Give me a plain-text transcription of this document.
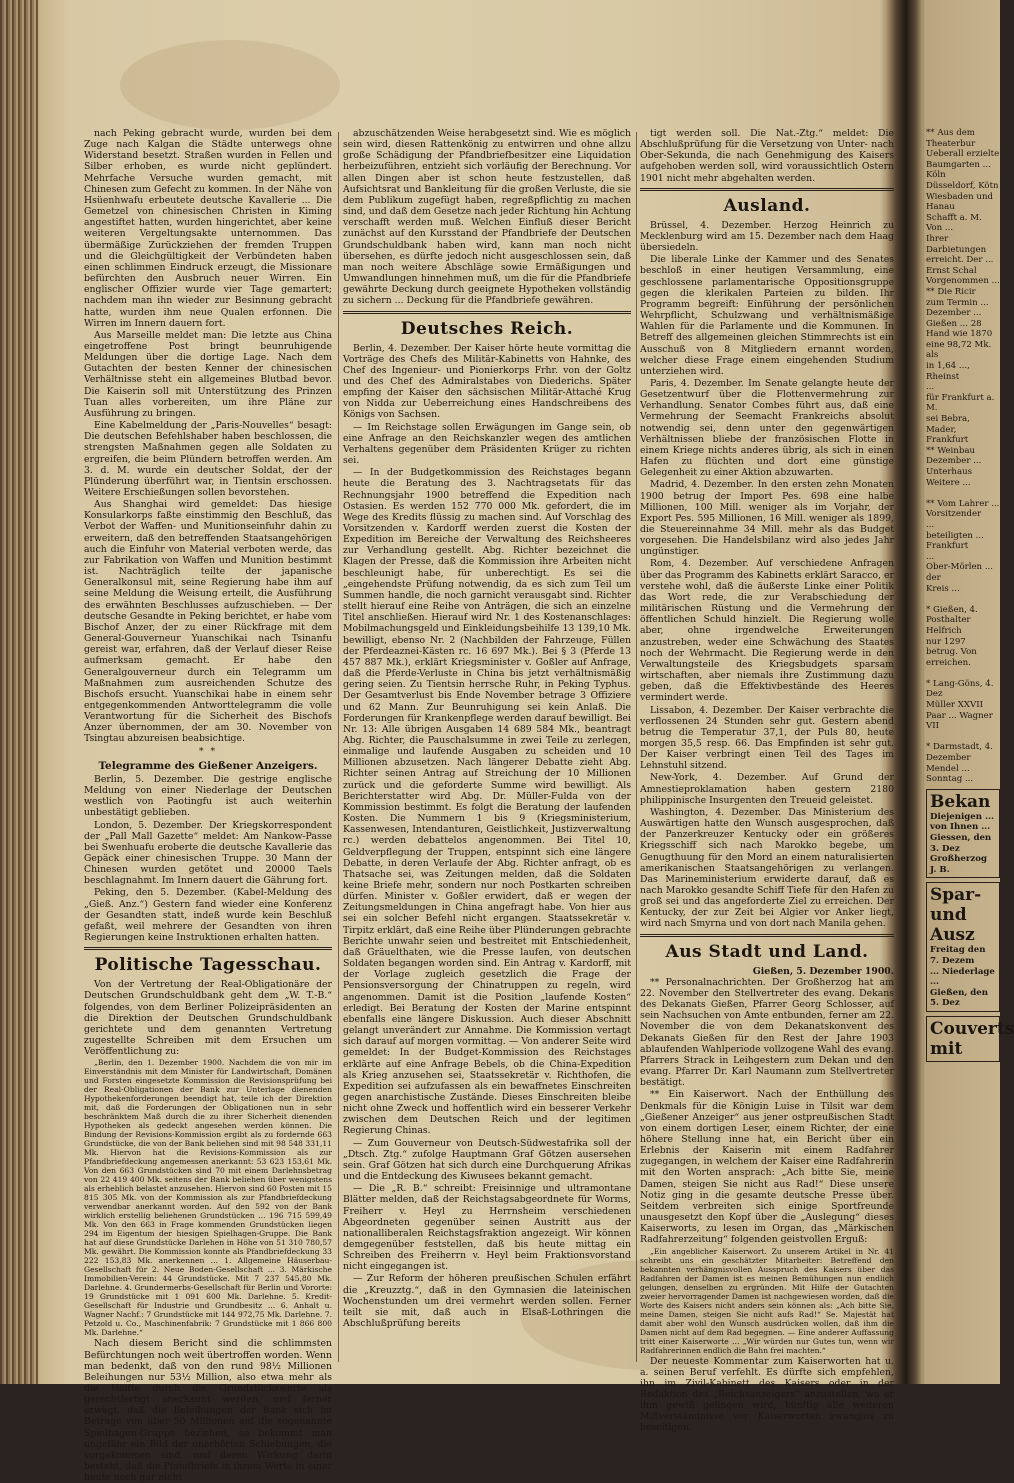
nach Peking gebracht wurde, wurden bei dem Zuge nach Kalgan die Städte unterwegs ohne Widerstand besetzt. Straßen wurden in Fellen und Silber erhoben, es wurde nicht geplündert. Mehrfache Versuche wurden gemacht, mit Chinesen zum Gefecht zu kommen. In der Nähe von Hsüenhwafu erbeutete deutsche Kavallerie ... Die Gemetzel von chinesischen Christen in Kiming angestiftet hatten, wurden hingerichtet, aber keine weiteren Vergeltungsakte unternommen. Das übermäßige Zurückziehen der fremden Truppen und die Gleichgültigkeit der Verbündeten haben einen schlimmen Eindruck erzeugt, die Missionare befürchten den Ausbruch neuer Wirren. Ein englischer Offizier wurde vier Tage gemartert; nachdem man ihn wieder zur Besinnung gebracht hatte, wurden ihm neue Qualen erfonnen. Die Wirren im Innern dauern fort.

Aus Marseille meldet man: Die letzte aus China eingetroffene Post bringt beunruhigende Meldungen über die dortige Lage. Nach dem Gutachten der besten Kenner der chinesischen Verhältnisse steht ein allgemeines Blutbad bevor. Die Kaiserin soll mit Unterstützung des Prinzen Tuan alles vorbereiten, um ihre Pläne zur Ausführung zu bringen.

Eine Kabelmeldung der „Paris-Nouvelles“ besagt: Die deutschen Befehlshaber haben beschlossen, die strengsten Maßnahmen gegen alle Soldaten zu ergreifen, die beim Plündern betroffen werden. Am 3. d. M. wurde ein deutscher Soldat, der der Plünderung überführt war, in Tientsin erschossen. Weitere Erschießungen sollen bevorstehen.

Aus Shanghai wird gemeldet: Das hiesige Konsularkorps faßte einstimmig den Beschluß, das Verbot der Waffen- und Munitionseinfuhr dahin zu erweitern, daß den betreffenden Staatsangehörigen auch die Einfuhr von Material verboten werde, das zur Fabrikation von Waffen und Munition bestimmt ist. Nachträglich teilte der japanische Generalkonsul mit, seine Regierung habe ihm auf seine Meldung die Weisung erteilt, die Ausführung des erwähnten Beschlusses aufzuschieben. — Der deutsche Gesandte in Peking berichtet, er habe vom Bischof Anzer, der zu einer Rückfrage mit dem General-Gouverneur Yuanschikai nach Tsinanfu gereist war, erfahren, daß der Verlauf dieser Reise aufmerksam gemacht. Er habe den Generalgouverneur durch ein Telegramm um Maßnahmen zum ausreichenden Schutze des Bischofs ersucht. Yuanschikai habe in einem sehr entgegenkommenden Antworttelegramm die volle Verantwortung für die Sicherheit des Bischofs Anzer übernommen, der am 30. November von Tsingtau abzureisen beabsichtige.

* *
Telegramme des Gießener Anzeigers.

Berlin, 5. Dezember. Die gestrige englische Meldung von einer Niederlage der Deutschen westlich von Paotingfu ist auch weiterhin unbestätigt geblieben.

London, 5. Dezember. Der Kriegskorrespondent der „Pall Mall Gazette“ meldet: Am Nankow-Passe bei Swenhuafu eroberte die deutsche Kavallerie das Gepäck einer chinesischen Truppe. 30 Mann der Chinesen wurden getötet und 20000 Taels beschlagnahmt. Im Innern dauert die Gährung fort.

Peking, den 5. Dezember. (Kabel-Meldung des „Gieß. Anz.“) Gestern fand wieder eine Konferenz der Gesandten statt, indeß wurde kein Beschluß gefaßt, weil mehrere der Gesandten von ihren Regierungen keine Instruktionen erhalten hatten.

Politische Tagesschau.

Von der Vertretung der Real-Obligationäre der Deutschen Grundschuldbank geht dem „W. T.-B.“ folgendes, von dem Berliner Polizeipräsidenten an die Direktion der Deutschen Grundschuldbank gerichtete und dem genannten Vertretung zugestellte Schreiben mit dem Ersuchen um Veröffentlichung zu:

„Berlin, den 1. Dezember 1900. Nachdem die von mir im Einverständnis mit dem Minister für Landwirtschaft, Domänen und Forsten eingesetzte Kommission die Revisionsprüfung bei der Real-Obligationen der Bank zur Unterlage dienenden Hypothekenforderungen beendigt hat, teile ich der Direktion mit, daß die Forderungen der Obligationen nun in sehr beschränktem Maß durch die zu ihrer Sicherheit dienenden Hypotheken als gedeckt angesehen werden können. Die Bindung der Revisions-Kommission ergibt als zu fordernde 663 Grundstücke, die von der Bank beliehen sind mit 98 548 331,11 Mk. Hiervon hat die Revisions-Kommission als zur Pfandbriefdeckung angemessen anerkannt: 53 623 153,61 Mk. Von den 663 Grundstücken sind 70 mit einem Darlehnsbetrag von 22 419 400 Mk. seitens der Bank beliehen über wenigstens als erheblich belastet anzusehen. Hiervon sind 60 Posten mit 15 815 305 Mk. von der Kommission als zur Pfandbriefdeckung verwendbar anerkannt worden. Auf den 592 von der Bank wirklich erstellig beliehenen Grundstücken ... 196 715 599,49 Mk. Von den 663 in Frage kommenden Grundstücken liegen 294 im Eigentum der hiesigen Spielhagen-Gruppe. Die Bank hat auf diese Grundstücke Darlehen in Höhe von 51 310 780,57 Mk. gewährt. Die Kommission konnte als Pfandbriefdeckung 33 222 153,83 Mk. anerkennen ... 1. Allgemeine Häuserbau-Gesellschaft für 2. Neue Boden-Gesellschaft ... 3. Märkische Immobilien-Verein: 44 Grundstücke. Mit 7 237 545,80 Mk. Darlehne. 4. Grundermerbs-Gesellschaft für Berlin und Vororte: 19 Grundstücke mit 1 091 600 Mk. Darlehne. 5. Kredit-Gesellschaft für Industrie und Grundbesitz ... 6. Anhalt u. Wagner Nachf.: 7 Grundstücke mit 144 972,75 Mk. Darlehne. 7. Petzold u. Co., Maschinenfabrik: 7 Grundstücke mit 1 866 800 Mk. Darlehne.“

Nach diesem Bericht sind die schlimmsten Befürchtungen noch weit übertroffen worden. Wenn man bedenkt, daß von den rund 98½ Millionen Beleihungen nur 53½ Million, also etwa mehr als die Hälfte durch die Grundstückswerte als gerechtfertigt anerkannt werden, und ferner erwägt, daß die Beleihungen der Bank sich im Betrage von über 50 Millionen auf die sogenannte Spielhagen-Gruppe beziehen, so bekommt man ungefähr ein Bild der unerhörten Schiebungen, die vorgekommen sind, und deren Wirkung darin besteht, daß die Pfandbriefe in ihrem Werte in einer heute noch gar nicht

abzuschätzenden Weise herabgesetzt sind. Wie es möglich sein wird, diesen Rattenkönig zu entwirren und ohne allzu große Schädigung der Pfandbriefbesitzer eine Liquidation herbeizuführen, entzieht sich vorläufig der Berechnung. Vor allen Dingen aber ist schon heute festzustellen, daß Aufsichtsrat und Bankleitung für die großen Verluste, die sie dem Publikum zugefügt haben, regreßpflichtig zu machen sind, und daß dem Gesetze nach jeder Richtung hin Achtung verschafft werden muß. Welchen Einfluß dieser Bericht zunächst auf den Kursstand der Pfandbriefe der Deutschen Grundschuldbank haben wird, kann man noch nicht übersehen, es dürfte jedoch nicht ausgeschlossen sein, daß man noch weitere Abschläge sowie Ermäßigungen und Umwandlungen hinnehmen muß, um die für die Pfandbriefe gewährte Deckung durch geeignete Hypotheken vollständig zu sichern ... Deckung für die Pfandbriefe gewähren.

Deutsches Reich.

Berlin, 4. Dezember. Der Kaiser hörte heute vormittag die Vorträge des Chefs des Militär-Kabinetts von Hahnke, des Chef des Ingenieur- und Pionierkorps Frhr. von der Goltz und des Chef des Admiralstabes von Diederichs. Später empfing der Kaiser den sächsischen Militär-Attaché Krug von Nidda zur Ueberreichung eines Handschreibens des Königs von Sachsen.

— Im Reichstage sollen Erwägungen im Gange sein, ob eine Anfrage an den Reichskanzler wegen des amtlichen Verhaltens gegenüber dem Präsidenten Krüger zu richten sei.

— In der Budgetkommission des Reichstages begann heute die Beratung des 3. Nachtragsetats für das Rechnungsjahr 1900 betreffend die Expedition nach Ostasien. Es werden 152 770 000 Mk. gefordert, die im Wege des Kredits flüssig zu machen sind. Auf Vorschlag des Vorsitzenden v. Kardorff werden zuerst die Kosten der Expedition im Bereiche der Verwaltung des Reichsheeres zur Verhandlung gestellt. Abg. Richter bezeichnet die Klagen der Presse, daß die Kommission ihre Arbeiten nicht beschleunigt habe, für unberechtigt. Es sei die „eingehendste Prüfung notwendig, da es sich zum Teil um Summen handle, die noch garnicht verausgabt sind. Richter stellt hierauf eine Reihe von Anträgen, die sich an einzelne Titel anschließen. Hierauf wird Nr. 1 des Kostenanschlages: Mobilmachungsgeld und Einkleidungsbeihilfe 13 139,10 Mk. bewilligt, ebenso Nr. 2 (Nachbilden der Fahrzeuge, Füllen der Pferdeaznei-Kästen rc. 16 697 Mk.). Bei § 3 (Pferde 13 457 887 Mk.), erklärt Kriegsminister v. Goßler auf Anfrage, daß die Pferde-Verluste in China bis jetzt verhältnismäßig gering seien. Zu Tientsin herrsche Ruhr, in Peking Typhus. Der Gesamtverlust bis Ende November betrage 3 Offiziere und 62 Mann. Zur Beunruhigung sei kein Anlaß. Die Forderungen für Krankenpflege werden darauf bewilligt. Bei Nr. 13: Alle übrigen Ausgaben 14 689 584 Mk., beantragt Abg. Richter, die Pauschalsumme in zwei Teile zu zerlegen, einmalige und laufende Ausgaben zu scheiden und 10 Millionen abzusetzen. Nach längerer Debatte zieht Abg. Richter seinen Antrag auf Streichung der 10 Millionen zurück und die geforderte Summe wird bewilligt. Als Berichterstatter wird Abg. Dr. Müller-Fulda von der Kommission bestimmt. Es folgt die Beratung der laufenden Kosten. Die Nummern 1 bis 9 (Kriegsministerium, Kassenwesen, Intendanturen, Geistlichkeit, Justizverwaltung rc.) werden debattelos angenommen. Bei Titel 10, Geldverpflegung der Truppen, entspinnt sich eine längere Debatte, in deren Verlaufe der Abg. Richter anfragt, ob es Thatsache sei, was Zeitungen melden, daß die Soldaten keine Briefe mehr, sondern nur noch Postkarten schreiben dürfen. Minister v. Goßler erwidert, daß er wegen der Zeitungsmeldungen in China angefragt habe. Von hier aus sei ein solcher Befehl nicht ergangen. Staatssekretär v. Tirpitz erklärt, daß eine Reihe über Plünderungen gebrachte Berichte unwahr seien und bestreitet mit Entschiedenheit, daß Gräuelthaten, wie die Presse laufen, von deutschen Soldaten begangen worden sind. Ein Antrag v. Kardorff, mit der Vorlage zugleich gesetzlich die Frage der Pensionsversorgung der Chinatruppen zu regeln, wird angenommen. Damit ist die Position „laufende Kosten“ erledigt. Bei Beratung der Kosten der Marine entspinnt ebenfalls eine längere Diskussion. Auch dieser Abschnitt gelangt unverändert zur Annahme. Die Kommission vertagt sich darauf auf morgen vormittag. — Von anderer Seite wird gemeldet: In der Budget-Kommission des Reichstages erklärte auf eine Anfrage Bebels, ob die China-Expedition als Krieg anzusehen sei, Staatssekretär v. Richthofen, die Expedition sei aufzufassen als ein bewaffnetes Einschreiten gegen anarchistische Zustände. Dieses Einschreiten bleibe nicht ohne Zweck und hoffentlich wird ein besserer Verkehr zwischen dem Deutschen Reich und der legitimen Regierung Chinas.

— Zum Gouverneur von Deutsch-Südwestafrika soll der „Dtsch. Ztg.“ zufolge Hauptmann Graf Götzen ausersehen sein. Graf Götzen hat sich durch eine Durchquerung Afrikas und die Entdeckung des Kiwusees bekannt gemacht.

— Die „R. B.“ schreibt: Freisinnige und ultramontane Blätter melden, daß der Reichstagsabgeordnete für Worms, Freiherr v. Heyl zu Herrnsheim verschiedenen Abgeordneten gegenüber seinen Austritt aus der nationalliberalen Reichstagsfraktion angezeigt. Wir können demgegenüber feststellen, daß bis heute mittag ein Schreiben des Freiherrn v. Heyl beim Fraktionsvorstand nicht eingegangen ist.

— Zur Reform der höheren preußischen Schulen erfährt die „Kreuzztg.“, daß in den Gymnasien die lateinischen Wochenstunden um drei vermehrt werden sollen. Ferner teilt sie mit, daß auch in Elsaß-Lothringen die Abschlußprüfung bereits

tigt werden soll. Die Nat.-Ztg.“ meldet: Die Abschlußprüfung für die Versetzung von Unter- nach Ober-Sekunda, die nach Genehmigung des Kaisers aufgehoben werden soll, wird voraussichtlich Ostern 1901 nicht mehr abgehalten werden.

Ausland.

Brüssel, 4. Dezember. Herzog Heinrich zu Mecklenburg wird am 15. Dezember nach dem Haag übersiedeln.

Die liberale Linke der Kammer und des Senates beschloß in einer heutigen Versammlung, eine geschlossene parlamentarische Oppositionsgruppe gegen die klerikalen Parteien zu bilden. Ihr Programm begreift: Einführung der persönlichen Wehrpflicht, Schulzwang und verhältnismäßige Wahlen für die Parlamente und die Kommunen. In Betreff des allgemeinen gleichen Stimmrechts ist ein Ausschuß von 8 Mitgliedern ernannt worden, welcher diese Frage einem eingehenden Studium unterziehen wird.

Paris, 4. Dezember. Im Senate gelangte heute der Gesetzentwurf über die Flottenvermehrung zur Verhandlung. Senator Combes führt aus, daß eine Vermehrung der Seemacht Frankreichs absolut notwendig sei, denn unter den gegenwärtigen Verhältnissen bliebe der französischen Flotte in einem Kriege nichts anderes übrig, als sich in einen Hafen zu flüchten und dort eine günstige Gelegenheit zu einer Aktion abzuwarten.

Madrid, 4. Dezember. In den ersten zehn Monaten 1900 betrug der Import Pes. 698 eine halbe Millionen, 100 Mill. weniger als im Vorjahr, der Export Pes. 595 Millionen, 16 Mill. weniger als 1899, die Steuereinnahme 34 Mill. mehr als das Budget vorgesehen. Die Handelsbilanz wird also jedes Jahr ungünstiger.

Rom, 4. Dezember. Auf verschiedene Anfragen über das Programm des Kabinetts erklärt Saracco, er verstehe wohl, daß die äußerste Linke einer Politik das Wort rede, die zur Verabschiedung der militärischen Rüstung und die Vermehrung der öffentlichen Schuld hinzielt. Die Regierung wolle aber, ohne irgendwelche Erweiterungen anzustreben, weder eine Schwächung des Staates noch der Wehrmacht. Die Regierung werde in den Verwaltungsteile des Kriegsbudgets sparsam wirtschaften, aber niemals ihre Zustimmung dazu geben, daß die Effektivbestände des Heeres vermindert werde.

Lissabon, 4. Dezember. Der Kaiser verbrachte die verflossenen 24 Stunden sehr gut. Gestern abend betrug die Temperatur 37,1, der Puls 80, heute morgen 35,5 resp. 66. Das Empfinden ist sehr gut. Der Kaiser verbringt einen Teil des Tages im Lehnstuhl sitzend.

New-York, 4. Dezember. Auf Grund der Amnestieproklamation haben gestern 2180 philippinische Insurgenten den Treueid geleistet.

Washington, 4. Dezember. Das Ministerium des Auswärtigen hatte den Wunsch ausgesprochen, daß der Panzerkreuzer Kentucky oder ein größeres Kriegsschiff sich nach Marokko begebe, um Genugthuung für den Mord an einem naturalisierten amerikanischen Staatsangehörigen zu verlangen. Das Marineministerium erwiderte darauf, daß es nach Marokko gesandte Schiff Tiefe für den Hafen zu groß sei und das angeforderte Ziel zu erreichen. Der Kentucky, der zur Zeit bei Algier vor Anker liegt, wird nach Smyrna und von dort nach Manila gehen.

Aus Stadt und Land.
Gießen, 5. Dezember 1900.

** Personalnachrichten. Der Großherzog hat am 22. November den Stellvertreter des evang. Dekans des Dekanats Gießen, Pfarrer Georg Schlosser, auf sein Nachsuchen von Amte entbunden, ferner am 22. November die von dem Dekanatskonvent des Dekanats Gießen für den Rest der Jahre 1903 ablaufenden Wahlperiode vollzogene Wahl des evang. Pfarrers Strack in Leihgestern zum Dekan und den evang. Pfarrer Dr. Karl Naumann zum Stellvertreter bestätigt.

** Ein Kaiserwort. Nach der Enthüllung des Denkmals für die Königin Luise in Tilsit war dem „Gießener Anzeiger“ aus jener ostpreußischen Stadt von einem dortigen Leser, einem Richter, der eine höhere Stellung inne hat, ein Bericht über ein Erlebnis der Kaiserin mit einem Radfahrer zugegangen, in welchem der Kaiser eine Radfahrerin mit den Worten ansprach: „Ach bitte Sie, meine Damen, steigen Sie nicht aus Rad!“ Diese unsere Notiz ging in die gesamte deutsche Presse über. Seitdem verbreiten sich einige Sportfreunde unausgesetzt den Kopf über die „Auslegung“ dieses Kaiserworts, zu lesen im Organ, das „Märkischen Radfahrerzeitung“ folgenden geistvollen Erguß:

„Ein angeblicher Kaiserwort. Zu unserem Artikel in Nr. 41 schreibt uns ein geschätzter Mitarbeiter: Betreffend den bekannten verhängnisvollen Ausspruch des Kaisers über das Radfahren der Damen ist es meinen Bemühungen nun endlich gelungen, denselben zu ergründen. Mit Hilfe der Gutachten zweier hervorragender Damen ist nachgewiesen worden, daß die Worte des Kaisers nicht anders sein können als: „Ach bitte Sie, meine Damen, steigen Sie nicht aufs Rad!“ Se. Majestät hat damit aber wohl den Wunsch ausdrücken wollen, daß ihm die Damen nicht auf dem Rad begegnen. — Eine anderer Auffassung tritt einer Kaiserworte ... „Wir würden nur Gutes tun, wenn wir Radfahrerinnen endlich die Bahn frei machten.“

Der neueste Kommentar zum Kaiserworten hat u. a. seinen Beruf verfehlt. Es dürfte sich empfehlen, ihn im Zivil-Kabinett des Kaisers oder in der Redaktion des „Reichsanzeigers“ anzustellen, wo er ihm gewiß gelingen wird, künftig alle weiteren Mißverständnisse vor Kaiserworten zwanglos zu beseitigen.

** Aus dem Theaterbur
Ueberall erzielte
Baumgarten ... Köln
Düsseldorf, Kötn
Wiesbaden und Hanau
Schafft a. M. Von ...
Ihrer Darbietungen
erreicht. Der ...
Ernst Schal
Vorgenommen ...
** Die Ricir
zum Termin ...
Dezember ...
Gießen ... 28
Hand wie 1870
eine 98,72 Mk. als
in 1,64 ..., Rheinst
...
für Frankfurt a. M.
sei Bebra,
Mader, Frankfurt
** Weinbau
Dezember ...
Unterhaus
Weitere ...

** Vom Lahrer ...
Vorsitzender
...
beteiligten ...
Frankfurt
...
Ober-Mörlen ... der
Kreis ...

* Gießen, 4.
Posthalter Helfrich
nur 1297 betrug. Von
erreichen.

* Lang-Göns, 4. Dez
Müller XXVII
Paar ... Wagner VII

* Darmstadt, 4. Dezember
Mendel ...
Sonntag ...
Bekan
Diejenigen ...
von Ihnen ...
Giessen, den 3. Dez
Großherzog
J. B.
Spar- und
Ausz
Freitag den 7. Dezem
... Niederlage ...
Gießen, den 5. Dez
Couverts mit
